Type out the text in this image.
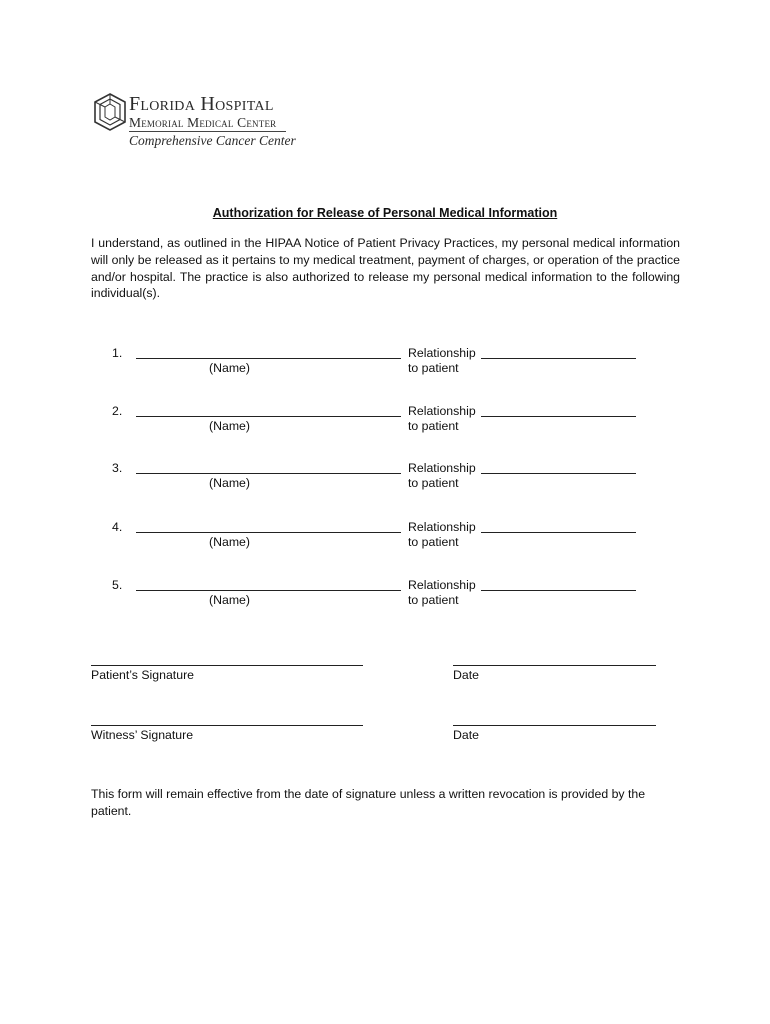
Florida Hospital
Memorial Medical Center
Comprehensive Cancer Center
Authorization for Release of Personal Medical Information
I understand, as outlined in the HIPAA Notice of Patient Privacy Practices, my personal medical information will only be released as it pertains to my medical treatment, payment of charges, or operation of the practice and/or hospital. The practice is also authorized to release my personal medical information to the following individual(s).
1.
(Name)
Relationship
to patient
2.
(Name)
Relationship
to patient
3.
(Name)
Relationship
to patient
4.
(Name)
Relationship
to patient
5.
(Name)
Relationship
to patient
Patient’s Signature	Date
Witness’ Signature	Date
This form will remain effective from the date of signature unless a written revocation is provided by the patient.
